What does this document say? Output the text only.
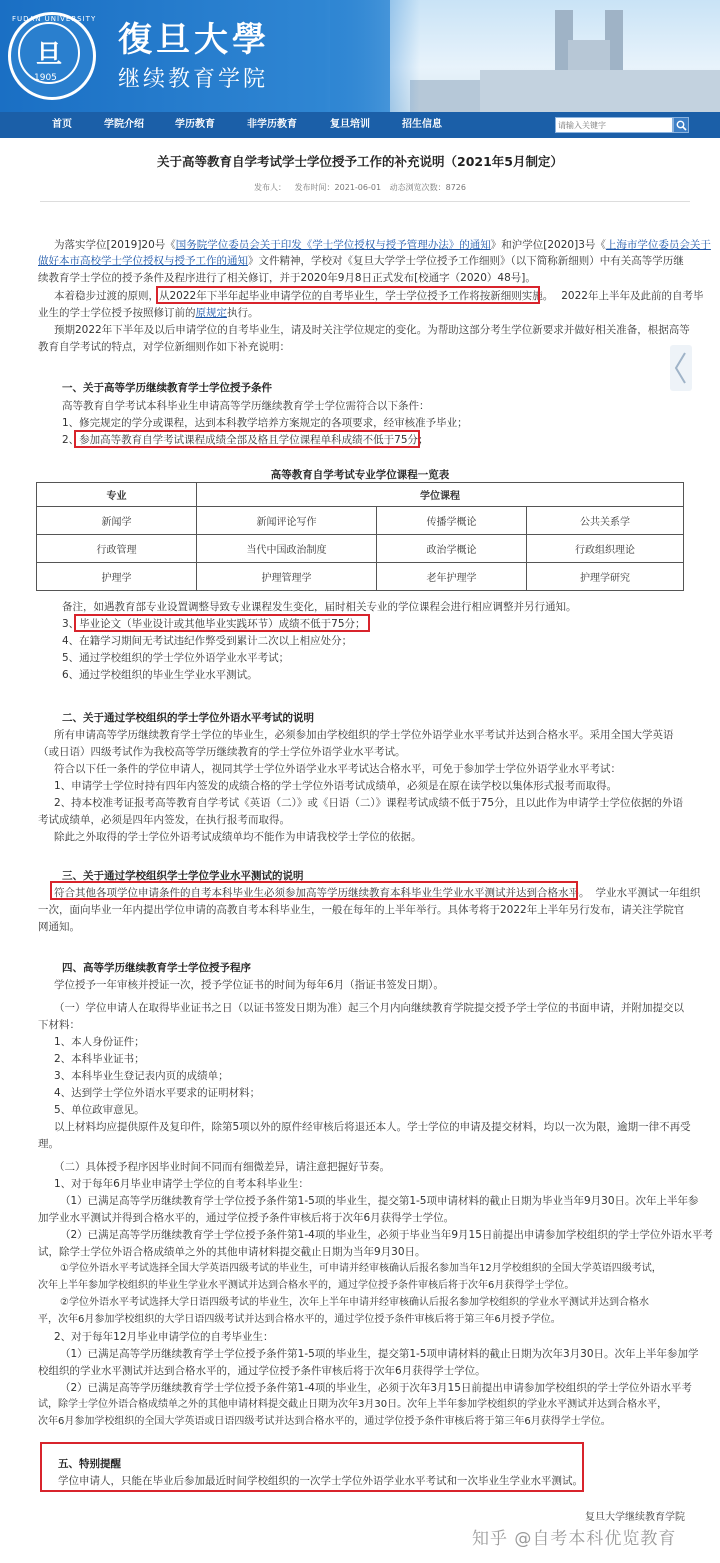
FUDAN UNIVERSITY
旦
1905
復旦大學
继续教育学院
首页	学院介绍	学历教育	非学历教育	复旦培训	招生信息
请输入关键字
关于高等教育自学考试学士学位授予工作的补充说明（2021年5月制定）
发布人： 发布时间：2021-06-01 动态浏览次数：8726
为落实学位[2019]20号《国务院学位委员会关于印发《学士学位授权与授予管理办法》的通知》和沪学位[2020]3号《上海市学位委员会关于
做好本市高校学士学位授权与授予工作的通知》文件精神，学校对《复旦大学学士学位授予工作细则》（以下简称新细则）中有关高等学历继
续教育学士学位的授予条件及程序进行了相关修订，并于2020年9月8日正式发布[校通字（2020）48号]。
本着稳步过渡的原则，从2022年下半年起毕业申请学位的自考毕业生，学士学位授予工作将按新细则实施。 2022年上半年及此前的自考毕
业生的学士学位授予按照修订前的原规定执行。
预期2022年下半年及以后申请学位的自考毕业生，请及时关注学位规定的变化。为帮助这部分考生学位新要求并做好相关准备，根据高等
教育自学考试的特点，对学位新细则作如下补充说明：
一、关于高等学历继续教育学士学位授予条件
高等教育自学考试本科毕业生申请高等学历继续教育学士学位需符合以下条件：
1、修完规定的学分或课程，达到本科教学培养方案规定的各项要求，经审核准予毕业；
2、参加高等教育自学考试课程成绩全部及格且学位课程单科成绩不低于75分；
高等教育自学考试专业学位课程一览表
专业	学位课程		
新闻学	新闻评论写作	传播学概论	公共关系学
行政管理	当代中国政治制度	政治学概论	行政组织理论
护理学	护理管理学	老年护理学	护理学研究
备注，如遇教育部专业设置调整导致专业课程发生变化，届时相关专业的学位课程会进行相应调整并另行通知。
3、毕业论文（毕业设计或其他毕业实践环节）成绩不低于75分；
4、在籍学习期间无考试违纪作弊受到累计二次以上相应处分；
5、通过学校组织的学士学位外语学业水平考试；
6、通过学校组织的毕业生学业水平测试。
二、关于通过学校组织的学士学位外语水平考试的说明
所有申请高等学历继续教育学士学位的毕业生，必须参加由学校组织的学士学位外语学业水平考试并达到合格水平。采用全国大学英语
（或日语）四级考试作为我校高等学历继续教育的学士学位外语学业水平考试。
符合以下任一条件的学位申请人，视同其学士学位外语学业水平考试达合格水平，可免于参加学士学位外语学业水平考试：
1、申请学士学位时持有四年内签发的成绩合格的学士学位外语考试成绩单，必须是在原在读学校以集体形式报考而取得。
2、持本校准考证报考高等教育自学考试《英语（二）》或《日语（二）》课程考试成绩不低于75分，且以此作为申请学士学位依据的外语
考试成绩单，必须是四年内签发，在执行报考而取得。
除此之外取得的学士学位外语考试成绩单均不能作为申请我校学士学位的依据。
三、关于通过学校组织学士学位学业水平测试的说明
符合其他各项学位申请条件的自考本科毕业生必须参加高等学历继续教育本科毕业生学业水平测试并达到合格水平。 学业水平测试一年组织
一次，面向毕业一年内提出学位申请的高教自考本科毕业生，一般在每年的上半年举行。具体考将于2022年上半年另行发布，请关注学院官
网通知。
四、高等学历继续教育学士学位授予程序
学位授予一年审核并授证一次，授予学位证书的时间为每年6月（指证书签发日期）。
（一）学位申请人在取得毕业证书之日（以证书签发日期为准）起三个月内向继续教育学院提交授予学士学位的书面申请，并附加提交以
下材料：
1、本人身份证件；
2、本科毕业证书；
3、本科毕业生登记表内页的成绩单；
4、达到学士学位外语水平要求的证明材料；
5、单位政审意见。
以上材料均应提供原件及复印件，除第5项以外的原件经审核后将退还本人。学士学位的申请及提交材料，均以一次为限，逾期一律不再受
理。
（二）具体授予程序因毕业时间不同而有细微差异，请注意把握好节奏。
1、对于每年6月毕业申请学士学位的自考本科毕业生：
（1）已满足高等学历继续教育学士学位授予条件第1-5项的毕业生，提交第1-5项申请材料的截止日期为毕业当年9月30日。次年上半年参
加学业水平测试并得到合格水平的，通过学位授予条件审核后将于次年6月获得学士学位。
（2）已满足高等学历继续教育学士学位授予条件第1-4项的毕业生，必须于毕业当年9月15日前提出申请参加学校组织的学士学位外语水平考
试，除学士学位外语合格成绩单之外的其他申请材料提交截止日期为当年9月30日。
①学位外语水平考试选择全国大学英语四级考试的毕业生，可申请并经审核确认后报名参加当年12月学校组织的全国大学英语四级考试，
次年上半年参加学校组织的毕业生学业水平测试并达到合格水平的，通过学位授予条件审核后将于次年6月获得学士学位。
②学位外语水平考试选择大学日语四级考试的毕业生，次年上半年申请并经审核确认后报名参加学校组织的学业水平测试并达到合格水
平，次年6月参加学校组织的大学日语四级考试并达到合格水平的，通过学位授予条件审核后将于第三年6月授予学位。
2、对于每年12月毕业申请学位的自考毕业生：
（1）已满足高等学历继续教育学士学位授予条件第1-5项的毕业生，提交第1-5项申请材料的截止日期为次年3月30日。次年上半年参加学
校组织的学业水平测试并达到合格水平的，通过学位授予条件审核后将于次年6月获得学士学位。
（2）已满足高等学历继续教育学士学位授予条件第1-4项的毕业生，必须于次年3月15日前提出申请参加学校组织的学士学位外语水平考
试，除学士学位外语合格成绩单之外的其他申请材料提交截止日期为次年3月30日。次年上半年参加学校组织的学业水平测试并达到合格水平，
次年6月参加学校组织的全国大学英语或日语四级考试并达到合格水平的，通过学位授予条件审核后将于第三年6月获得学士学位。
五、特别提醒
学位申请人，只能在毕业后参加最近时间学校组织的一次学士学位外语学业水平考试和一次毕业生学业水平测试。
复旦大学继续教育学院
知乎 @自考本科优览教育
